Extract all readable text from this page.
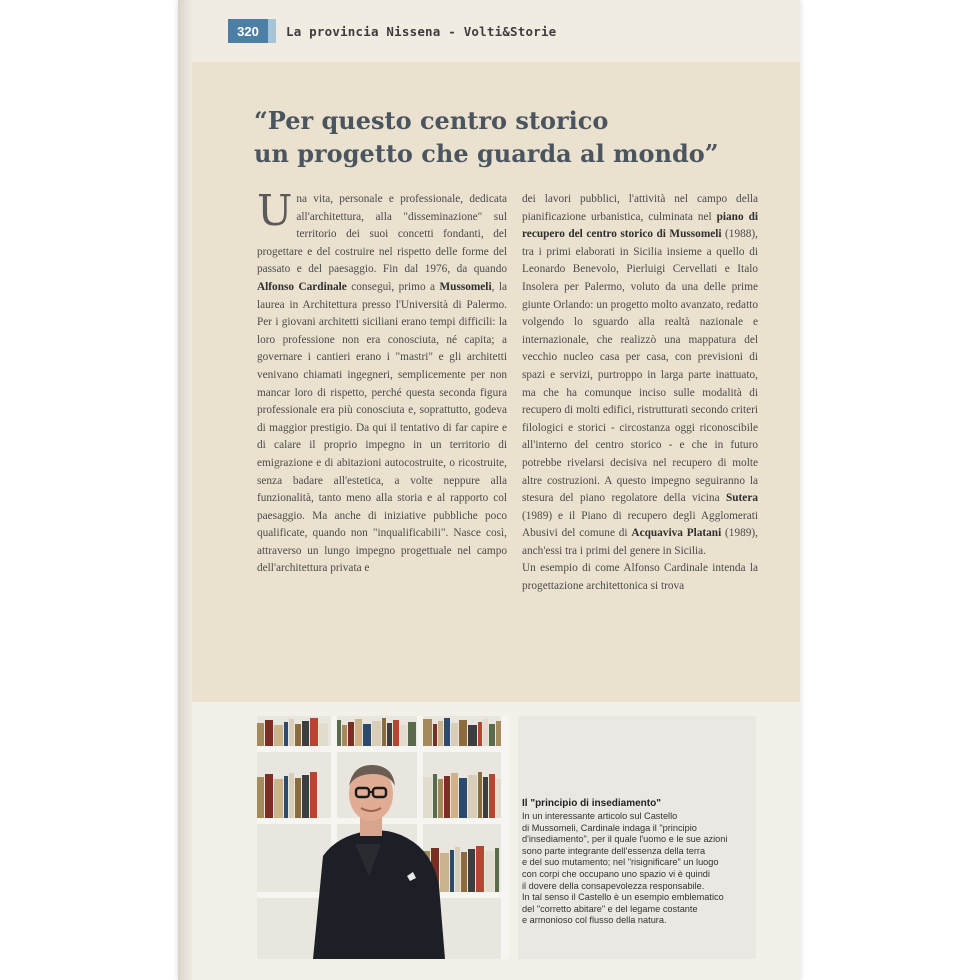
320	La provincia Nissena - Volti&Storie
“Per questo centro storico
un progetto che guarda al mondo”

Una vita, personale e professionale, dedicata all'architettura, alla "disseminazione" sul territorio dei suoi concetti fondanti, del progettare e del costruire nel rispetto delle forme del passato e del paesaggio. Fin dal 1976, da quando Alfonso Cardinale conseguì, primo a Mussomeli, la laurea in Architettura presso l'Università di Palermo. Per i giovani architetti siciliani erano tempi difficili: la loro professione non era conosciuta, né capita; a governare i cantieri erano i "mastri" e gli architetti venivano chiamati ingegneri, semplicemente per non mancar loro di rispetto, perché questa seconda figura professionale era più conosciuta e, soprattutto, godeva di maggior prestigio. Da qui il tentativo di far capire e di calare il proprio impegno in un territorio di emigrazione e di abitazioni autocostruite, o ricostruite, senza badare all'estetica, a volte neppure alla funzionalità, tanto meno alla storia e al rapporto col paesaggio. Ma anche di iniziative pubbliche poco qualificate, quando non "inqualificabili". Nasce così, attraverso un lungo impegno progettuale nel campo dell'architettura privata e

dei lavori pubblici, l'attività nel campo della pianificazione urbanistica, culminata nel piano di recupero del centro storico di Mussomeli (1988), tra i primi elaborati in Sicilia insieme a quello di Leonardo Benevolo, Pierluigi Cervellati e Italo Insolera per Palermo, voluto da una delle prime giunte Orlando: un progetto molto avanzato, redatto volgendo lo sguardo alla realtà nazionale e internazionale, che realizzò una mappatura del vecchio nucleo casa per casa, con previsioni di spazi e servizi, purtroppo in larga parte inattuato, ma che ha comunque inciso sulle modalità di recupero di molti edifici, ristrutturati secondo criteri filologici e storici - circostanza oggi riconoscibile all'interno del centro storico - e che in futuro potrebbe rivelarsi decisiva nel recupero di molte altre costruzioni. A questo impegno seguiranno la stesura del piano regolatore della vicina Sutera (1989) e il Piano di recupero degli Agglomerati Abusivi del comune di Acquaviva Platani (1989), anch'essi tra i primi del genere in Sicilia.

Un esempio di come Alfonso Cardinale intenda la progettazione architettonica si trova

Il "principio di insediamento"
In un interessante articolo sul Castello
di Mussomeli, Cardinale indaga il "principio
d'insediamento", per il quale l'uomo e le sue azioni
sono parte integrante dell'essenza della terra
e del suo mutamento; nel "risignificare" un luogo
con corpi che occupano uno spazio vi è quindi
il dovere della consapevolezza responsabile.
In tal senso il Castello è un esempio emblematico
del "corretto abitare" e del legame costante
e armonioso col flusso della natura.
